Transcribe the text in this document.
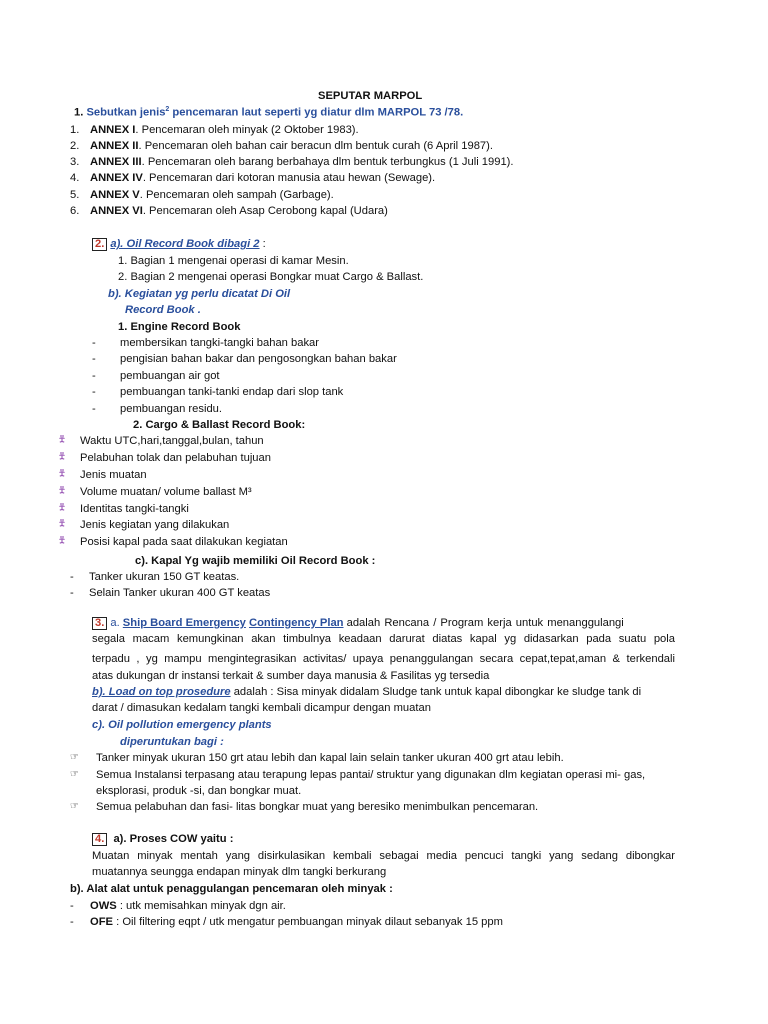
SEPUTAR MARPOL
1. Sebutkan jenis$^2$ pencemaran laut seperti yg diatur dlm MARPOL 73 /78.
1. ANNEX I. Pencemaran oleh minyak (2 Oktober 1983).
2. ANNEX II. Pencemaran oleh bahan cair beracun dlm bentuk curah (6 April 1987).
3. ANNEX III. Pencemaran oleh barang berbahaya dlm bentuk terbungkus (1 Juli 1991).
4. ANNEX IV. Pencemaran dari kotoran manusia atau hewan (Sewage).
5. ANNEX V. Pencemaran oleh sampah (Garbage).
6. ANNEX VI. Pencemaran oleh Asap Cerobong kapal (Udara)
2. a). Oil Record Book dibagi 2 :
1. Bagian 1 mengenai operasi di kamar Mesin.
2. Bagian 2 mengenai operasi Bongkar muat Cargo & Ballast.
b). Kegiatan yg perlu dicatat Di Oil
Record Book .
1. Engine Record Book
- membersikan tangki-tangki bahan bakar
- pengisian bahan bakar dan pengosongkan bahan bakar
- pembuangan air got
- pembuangan tanki-tanki endap dari slop tank
- pembuangan residu.
2. Cargo & Ballast Record Book:
Waktu UTC,hari,tanggal,bulan, tahun
Pelabuhan tolak dan pelabuhan tujuan
Jenis muatan
Volume muatan/ volume ballast M³
Identitas tangki-tangki
Jenis kegiatan yang dilakukan
Posisi kapal pada saat dilakukan kegiatan
c). Kapal Yg wajib memiliki Oil Record Book :
- Tanker ukuran 150 GT keatas.
- Selain Tanker ukuran 400 GT keatas
3. a. Ship Board Emergency Contingency Plan adalah Rencana / Program kerja untuk menanggulangi
segala macam kemungkinan akan timbulnya keadaan darurat diatas kapal yg didasarkan pada suatu pola
terpadu , yg mampu mengintegrasikan activitas/ upaya penanggulangan secara cepat,tepat,aman & terkendali
atas dukungan dr instansi terkait & sumber daya manusia & Fasilitas yg tersedia
b). Load on top prosedure adalah : Sisa minyak didalam Sludge tank untuk kapal dibongkar ke sludge tank di
darat / dimasukan kedalam tangki kembali dicampur dengan muatan
c). Oil pollution emergency plants
diperuntukan bagi :
☞ Tanker minyak ukuran 150 grt atau lebih dan kapal lain selain tanker ukuran 400 grt atau lebih.
☞ Semua Instalansi terpasang atau terapung lepas pantai/ struktur yang digunakan dlm kegiatan operasi mi- gas,
eksplorasi, produk -si, dan bongkar muat.
☞ Semua pelabuhan dan fasi- litas bongkar muat yang beresiko menimbulkan pencemaran.
4. a). Proses COW yaitu :
Muatan minyak mentah yang disirkulasikan kembali sebagai media pencuci tangki yang sedang dibongkar
muatannya seungga endapan minyak dlm tangki berkurang
b). Alat alat untuk penaggulangan pencemaran oleh minyak :
- OWS : utk memisahkan minyak dgn air.
- OFE : Oil filtering eqpt / utk mengatur pembuangan minyak dilaut sebanyak 15 ppm
